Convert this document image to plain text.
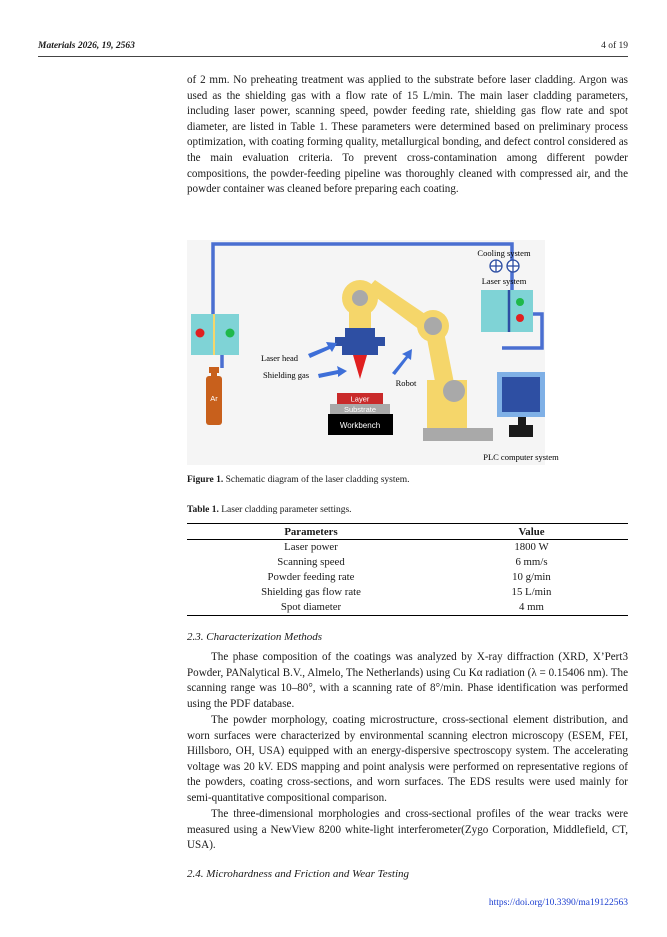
Materials 2026, 19, 2563	4 of 19

of 2 mm. No preheating treatment was applied to the substrate before laser cladding. Argon was used as the shielding gas with a flow rate of 15 L/min. The main laser cladding parameters, including laser power, scanning speed, powder feeding rate, shielding gas flow rate and spot diameter, are listed in Table 1. These parameters were determined based on preliminary process optimization, with coating forming quality, metallurgical bonding, and defect control considered as the main evaluation criteria. To prevent cross-contamination among different powder compositions, the powder-feeding pipeline was thoroughly cleaned with compressed air, and the powder container was cleaned before preparing each coating.

Ar
Cooling system
Laser system
Robot
Layer
Substrate
Workbench
Laser head
Shielding gas
PLC computer system

Figure 1. Schematic diagram of the laser cladding system.

Table 1. Laser cladding parameter settings.

Parameters	Value
Laser power	1800 W
Scanning speed	6 mm/s
Powder feeding rate	10 g/min
Shielding gas flow rate	15 L/min
Spot diameter	4 mm

2.3. Characterization Methods

The phase composition of the coatings was analyzed by X-ray diffraction (XRD, X’Pert3 Powder, PANalytical B.V., Almelo, The Netherlands) using Cu Kα radiation (λ = 0.15406 nm). The scanning range was 10–80°, with a scanning rate of 8°/min. Phase identification was performed using the PDF database.

The powder morphology, coating microstructure, cross-sectional element distribution, and worn surfaces were characterized by environmental scanning electron microscopy (ESEM, FEI, Hillsboro, OH, USA) equipped with an energy-dispersive spectroscopy system. The accelerating voltage was 20 kV. EDS mapping and point analysis were performed on representative regions of the powders, coating cross-sections, and worn surfaces. The EDS results were used mainly for semi-quantitative compositional comparison.

The three-dimensional morphologies and cross-sectional profiles of the wear tracks were measured using a NewView 8200 white-light interferometer(Zygo Corporation, Middlefield, CT, USA).

2.4. Microhardness and Friction and Wear Testing

https://doi.org/10.3390/ma19122563
